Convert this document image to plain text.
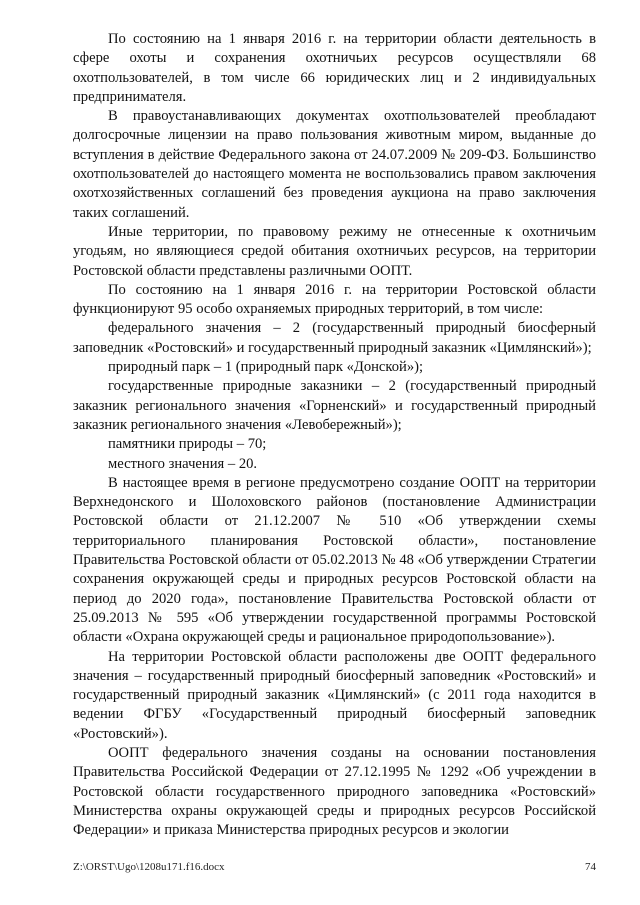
По состоянию на 1 января 2016 г. на территории области деятельность в сфере охоты и сохранения охотничьих ресурсов осуществляли 68 охотпользователей, в том числе 66 юридических лиц и 2 индивидуальных предпринимателя.

В правоустанавливающих документах охотпользователей преобладают долгосрочные лицензии на право пользования животным миром, выданные до вступления в действие Федерального закона от 24.07.2009 № 209-ФЗ. Большинство охотпользователей до настоящего момента не воспользовались правом заключения охотхозяйственных соглашений без проведения аукциона на право заключения таких соглашений.

Иные территории, по правовому режиму не отнесенные к охотничьим угодьям, но являющиеся средой обитания охотничьих ресурсов, на территории Ростовской области представлены различными ООПТ.

По состоянию на 1 января 2016 г. на территории Ростовской области функционируют 95 особо охраняемых природных территорий, в том числе:

федерального значения – 2 (государственный природный биосферный заповедник «Ростовский» и государственный природный заказник «Цимлянский»);

природный парк – 1 (природный парк «Донской»);

государственные природные заказники – 2 (государственный природный заказник регионального значения «Горненский» и государственный природный заказник регионального значения «Левобережный»);

памятники природы – 70;

местного значения – 20.

В настоящее время в регионе предусмотрено создание ООПТ на территории Верхнедонского и Шолоховского районов (постановление Администрации Ростовской области от 21.12.2007 № 510 «Об утверждении схемы территориального планирования Ростовской области», постановление Правительства Ростовской области от 05.02.2013 № 48 «Об утверждении Стратегии сохранения окружающей среды и природных ресурсов Ростовской области на период до 2020 года», постановление Правительства Ростовской области от 25.09.2013 № 595 «Об утверждении государственной программы Ростовской области «Охрана окружающей среды и рациональное природопользование»).

На территории Ростовской области расположены две ООПТ федерального значения – государственный природный биосферный заповедник «Ростовский» и государственный природный заказник «Цимлянский» (с 2011 года находится в ведении ФГБУ «Государственный природный биосферный заповедник «Ростовский»).

ООПТ федерального значения созданы на основании постановления Правительства Российской Федерации от 27.12.1995 № 1292 «Об учреждении в Ростовской области государственного природного заповедника «Ростовский» Министерства охраны окружающей среды и природных ресурсов Российской Федерации» и приказа Министерства природных ресурсов и экологии

Z:\ORST\Ugo\1208u171.f16.docx	74
